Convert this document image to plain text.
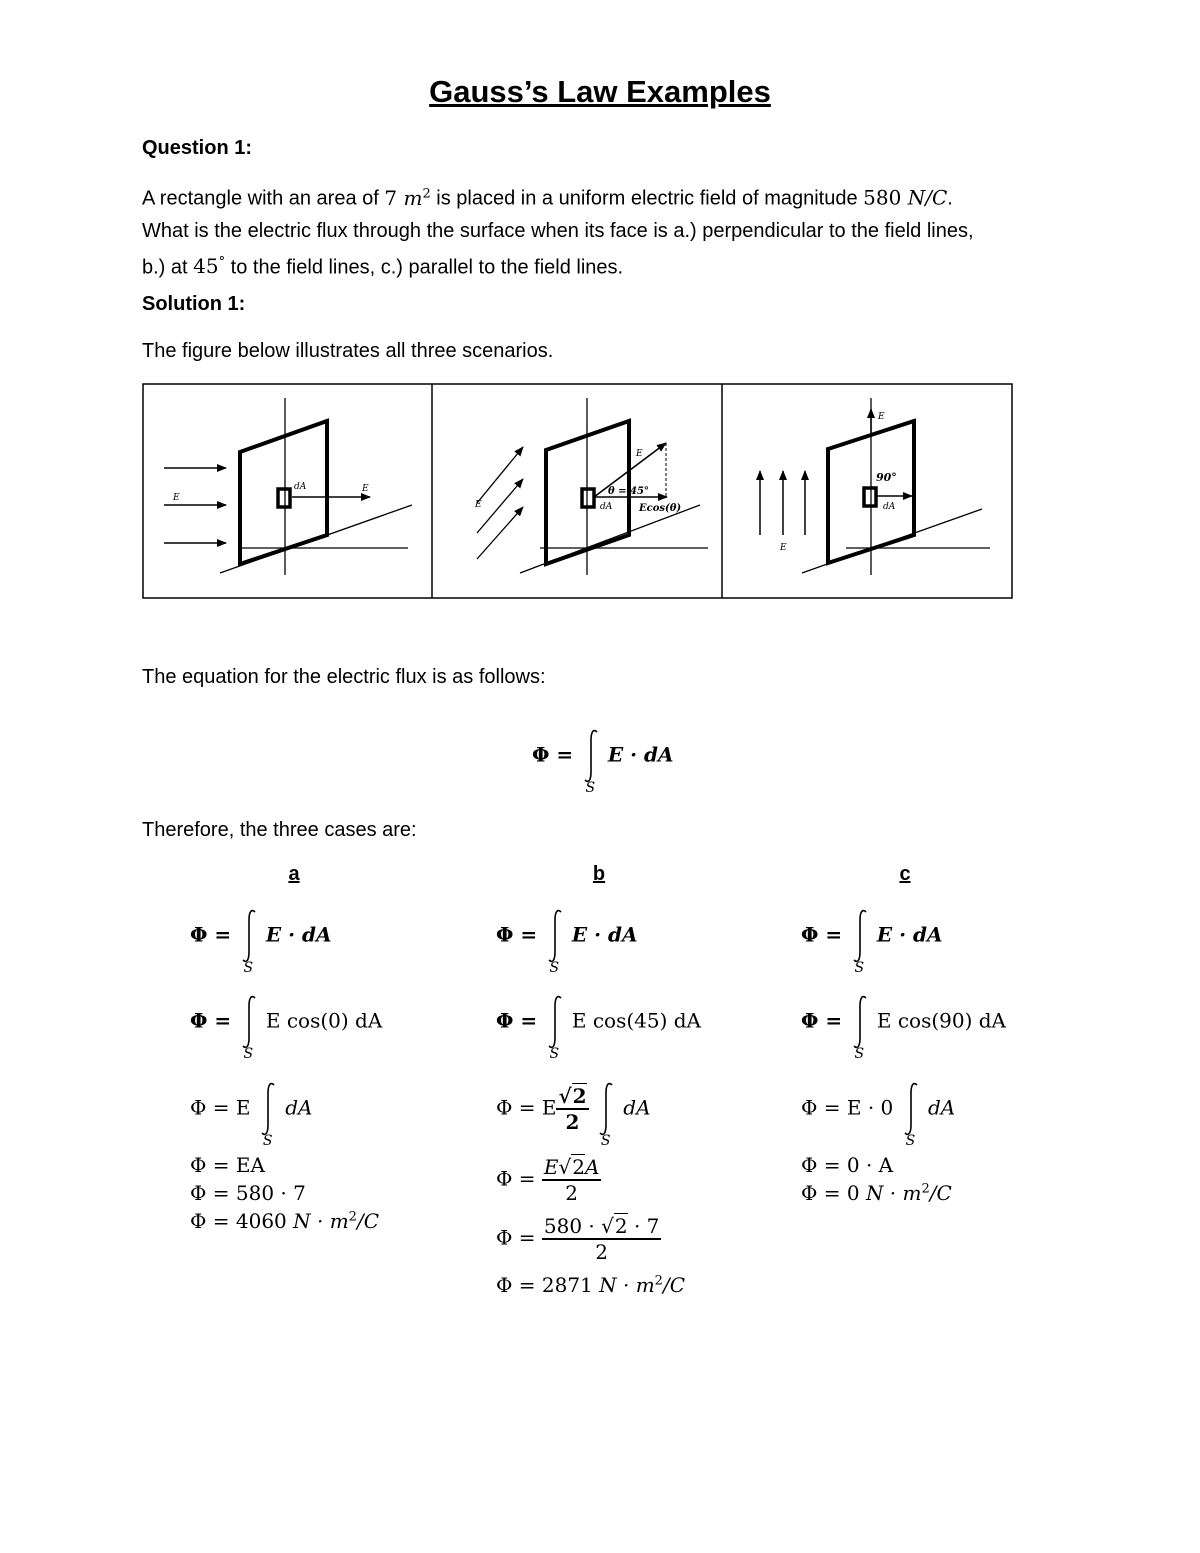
Gauss’s Law Examples
Question 1:
A rectangle with an area of 7 $m^2$ is placed in a uniform electric field of magnitude 580 N/C.
What is the electric flux through the surface when its face is a.) perpendicular to the field lines,
b.) at 45° to the field lines, c.) parallel to the field lines.
Solution 1:
The figure below illustrates all three scenarios.
dA	E
E
E
θ = 45°
dA	Ecos(θ)
E
E
90°
dA
E
The equation for the electric flux is as follows:
Φ =
S
E · dA
Therefore, the three cases are:
a	b	c
Φ =
S
E · dA
Φ =
S
E cos(0) dA
Φ = E
S
dA
Φ = EA
Φ = 580 · 7
Φ = 4060 $N \cdot m^2/C$
Φ =
S
E · dA
Φ =
S
E cos(45) dA
Φ = E $\frac{√2}{2}$

S
dA
$\Phi = \frac{E√2A}{2}$
$\Phi = \frac{580 \cdot √2 \cdot 7}{2}$
Φ = 2871 $N \cdot m^2/C$
Φ =
S
E · dA
Φ =
S
E cos(90) dA
Φ = E · 0
S
dA
Φ = 0 · A
Φ = 0 $N \cdot m^2/C$
